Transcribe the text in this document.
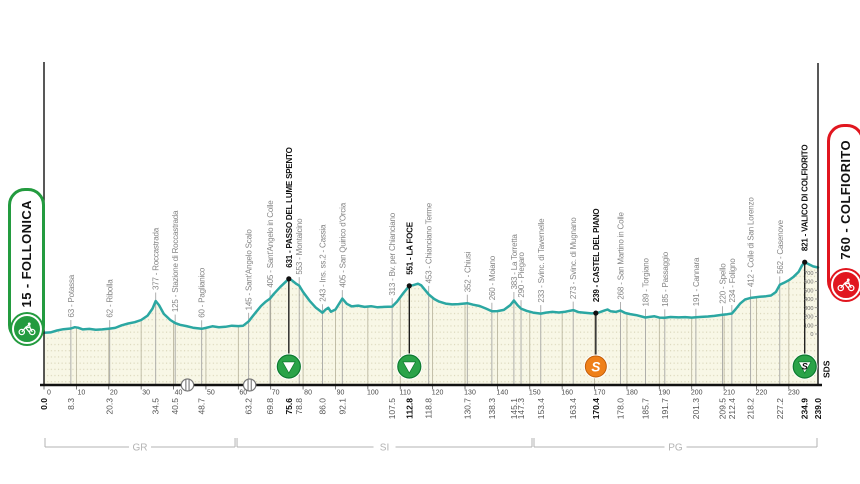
0	10	20	30	40	50	60	70	80	90	100	110	120	130	140	150	160	170	180	190	200	210	220	230
63 - Potassa	62 - Ribolla
377 - Roccastrada 125 - Stazione di Roccastrada 60 - Paglianico	145 - Sant'Angelo Scalo 405 - Sant'Angelo in Colle 631 - PASSO DEL LUME SPENTO 553 - Montalcino 243 - Ins. ss.2 - Cassia 405 - San Quirico d'Orcia	313 - Bv. per Chianciano 551 - LA FOCE 453 - Chianciano Terme	352 - Chiusi 260 - Moiano 383 - La Torretta
290 - Piegaro 233 - Svinc. di Tavernelle	273 - Svinc. di Mugnano 239 - CASTEL DEL PIANO 268 - San Martino in Colle 189 - Torgiano 185 - Passaggio	191 - Cannara 220 - Spello 234 - Foligno 412 - Colle di San Lorenzo	562 - Casenove 821 - VALICO DI COLFIORITO
S	S
0
100
200
300
400
500
600
700
SDS
0.0 8.3	20.3	34.5 40.5 48.7	63.2 69.8 75.6 78.8 86.0 92.1	107.5 112.8 118.8	130.7 138.3 145.1
147.3 153.4	163.4 170.4 178.0 185.7 191.7 201.3 209.5 212.4 218.2 227.2 234.9 239.0
GR	SI	PG
15 - FOLLONICA	760 - COLFIORITO
